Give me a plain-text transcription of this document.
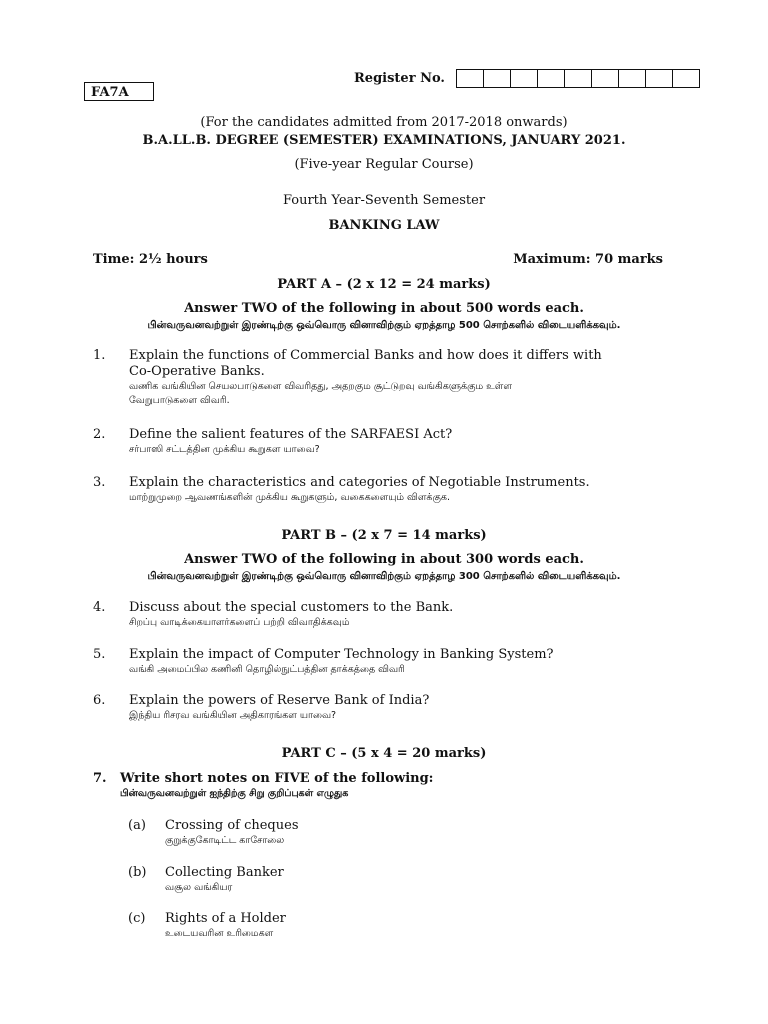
FA7A
Register No.
(For the candidates admitted from 2017-2018 onwards)
B.A.LL.B. DEGREE (SEMESTER) EXAMINATIONS, JANUARY 2021.
(Five-year Regular Course)
Fourth Year-Seventh Semester
BANKING LAW
Time: 2½ hours	Maximum: 70 marks
PART A – (2 x 12 = 24 marks)
Answer TWO of the following in about 500 words each.
பின்வருவனவற்றுள் இரண்டிற்கு ஒவ்வொரு வினாவிற்கும் ஏறத்தாழ 500 சொற்களில் விடையளிக்கவும்.
1. Explain the functions of Commercial Banks and how does it differs with
Co-Operative Banks.
வணிக வங்கியின செயலபாடுகளை விவரிதது, அதறகும சூட்டுறவு வங்கிகளுக்கும உள்ள
வேறுபாடுகளை விவரி.
2. Define the salient features of the SARFAESI Act?
சர்பாஸி சட்டத்தின முக்கிய கூறுகள யாவை?
3. Explain the characteristics and categories of Negotiable Instruments.
மாற்றுமுறை ஆவணங்களின் முக்கிய கூறுகளும், வகைகளையும் விளக்குக.
PART B – (2 x 7 = 14 marks)
Answer TWO of the following in about 300 words each.
பின்வருவனவற்றுள் இரண்டிற்கு ஒவ்வொரு வினாவிற்கும் ஏறத்தாழ 300 சொற்களில் விடையளிக்கவும்.
4. Discuss about the special customers to the Bank.
சிறப்பு வாடிக்கையாளர்களைப் பற்றி விவாதிக்கவும்
5. Explain the impact of Computer Technology in Banking System?
வங்கி அமைப்பில கணினி தொழில்நுட்பத்தின தாக்கத்தை விவரி
6. Explain the powers of Reserve Bank of India?
இந்திய ரிசரவ வங்கியின அதிகாரங்கள யாவை?
PART C – (5 x 4 = 20 marks)
7. Write short notes on FIVE of the following:
பின்வருவனவற்றுள் ஐந்திற்கு சிறு குறிப்புகள் எழுதுக
(a) Crossing of cheques
குறுக்குகோடிட்ட காசோலை
(b) Collecting Banker
வசூல வங்கியர
(c) Rights of a Holder
உடையவரின உரிமைகள
